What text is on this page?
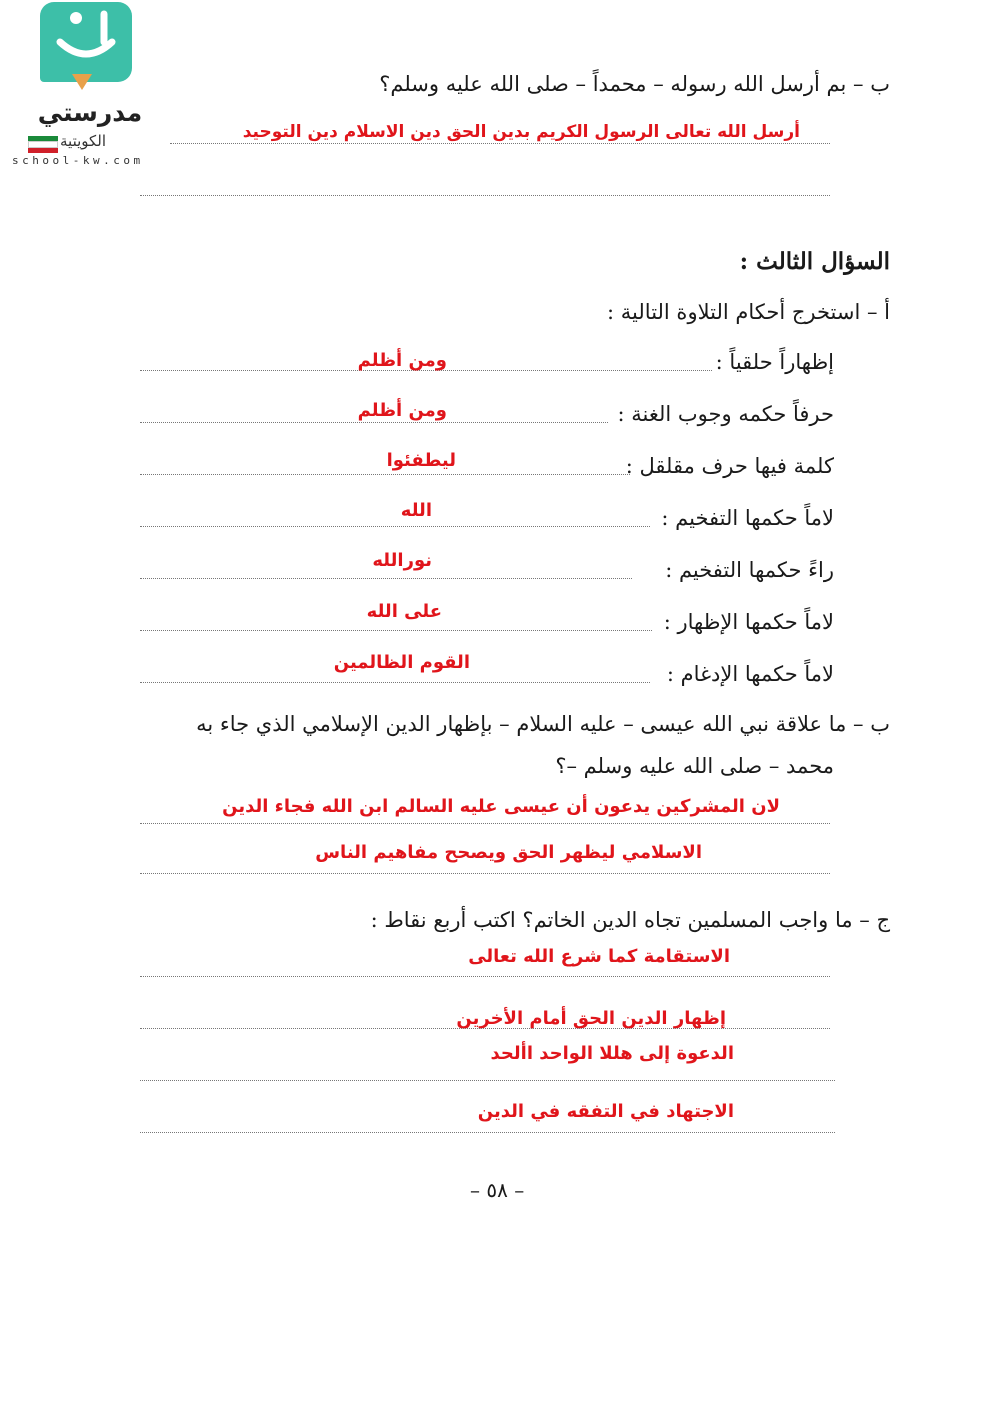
مدرستي
الكويتية
school-kw.com
ب – بم أرسل الله رسوله – محمداً – صلى الله عليه وسلم؟
أرسل الله تعالى الرسول الكريم بدين الحق دين الاسلام دين التوحيد
السؤال الثالث :
أ – استخرج أحكام التلاوة التالية :
إظهاراً حلقياً :
ومن أظلم
حرفاً حكمه وجوب الغنة :
ومن أظلم
كلمة فيها حرف مقلقل :
ليطفئوا
لاماً حكمها التفخيم :
الله
راءً حكمها التفخيم :
نورالله
لاماً حكمها الإظهار :
على الله
لاماً حكمها الإدغام :
القوم الظالمين
ب – ما علاقة نبي الله عيسى – عليه السلام – بإظهار الدين الإسلامي الذي جاء به
محمد – صلى الله عليه وسلم –؟
لان المشركين يدعون أن عيسى عليه السالم ابن الله فجاء الدين
الاسلامي ليظهر الحق ويصحح مفاهيم الناس
ج – ما واجب المسلمين تجاه الدين الخاتم؟ اكتب أربع نقاط :
الاستقامة كما شرع الله تعالى
إظهار الدين الحق أمام الأخرين
الدعوة إلى هللا الواحد األحد
الاجتهاد في التفقه في الدين
– ٥٨ –
